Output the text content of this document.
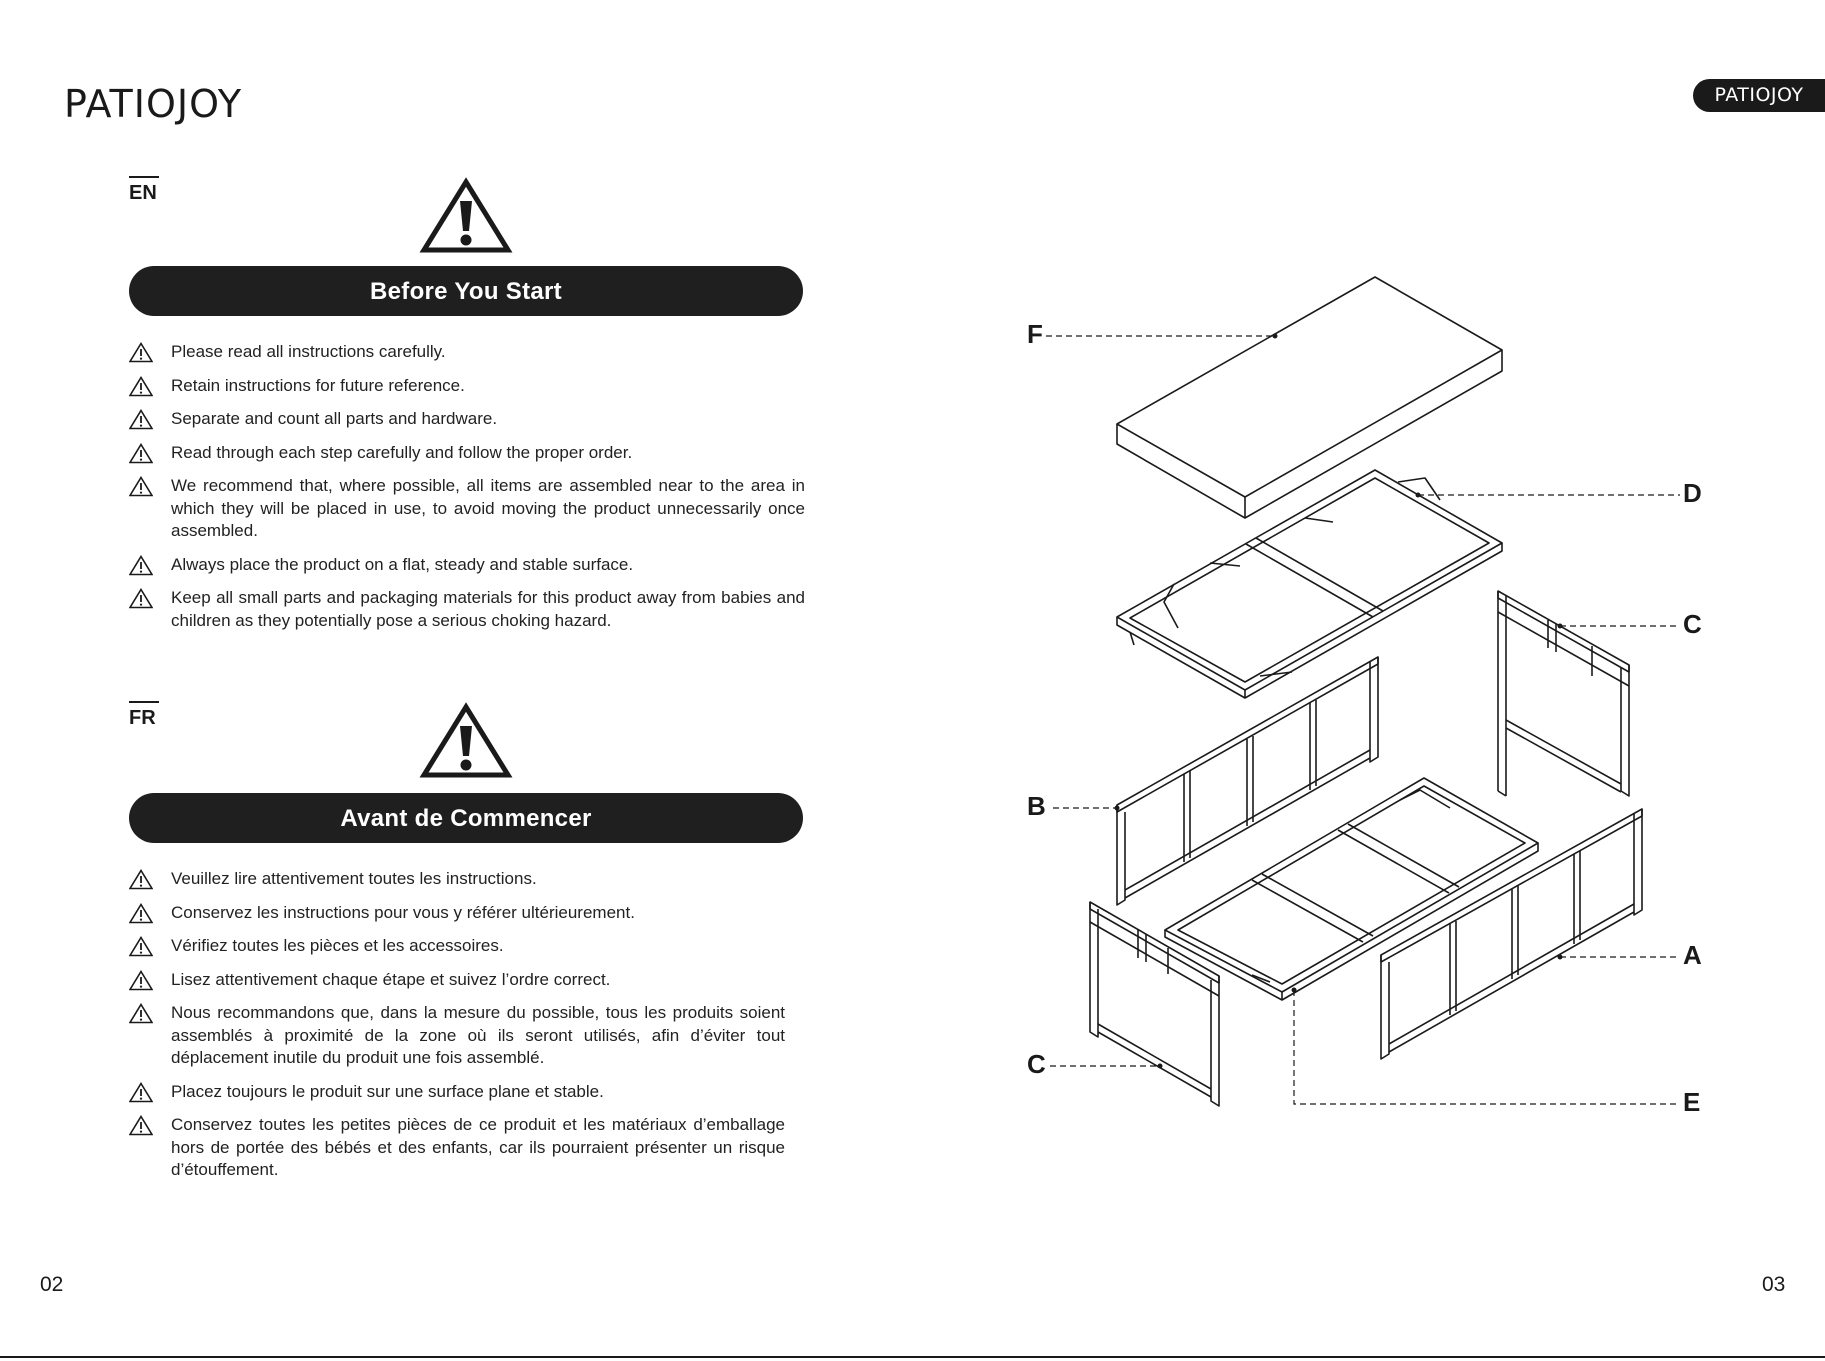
PATIOJOY	PATIOJOY
EN
Before You Start
Please read all instructions carefully.
Retain instructions for future reference.
Separate and count all parts and hardware.
Read through each step carefully and follow the proper order.
We recommend that, where possible, all items are assembled near to the area in which they will be placed in use, to avoid moving the product unnecessarily once assembled.
Always place the product on a flat, steady and stable surface.
Keep all small parts and packaging materials for this product away from babies and children as they potentially pose a serious choking hazard.
FR
Avant de Commencer
Veuillez lire attentivement toutes les instructions.
Conservez les instructions pour vous y référer ultérieurement.
Vérifiez toutes les pièces et les accessoires.
Lisez attentivement chaque étape et suivez l’ordre correct.
Nous recommandons que, dans la mesure du possible, tous les produits soient assemblés à proximité de la zone où ils seront utilisés, afin d’éviter tout déplacement inutile du produit une fois assemblé.
Placez toujours le produit sur une surface plane et stable.
Conservez toutes les petites pièces de ce produit et les matériaux d’emballage hors de portée des bébés et des enfants, car ils pourraient présenter un risque d’étouffement.
F
D
C
B
A
C
E
02	03
